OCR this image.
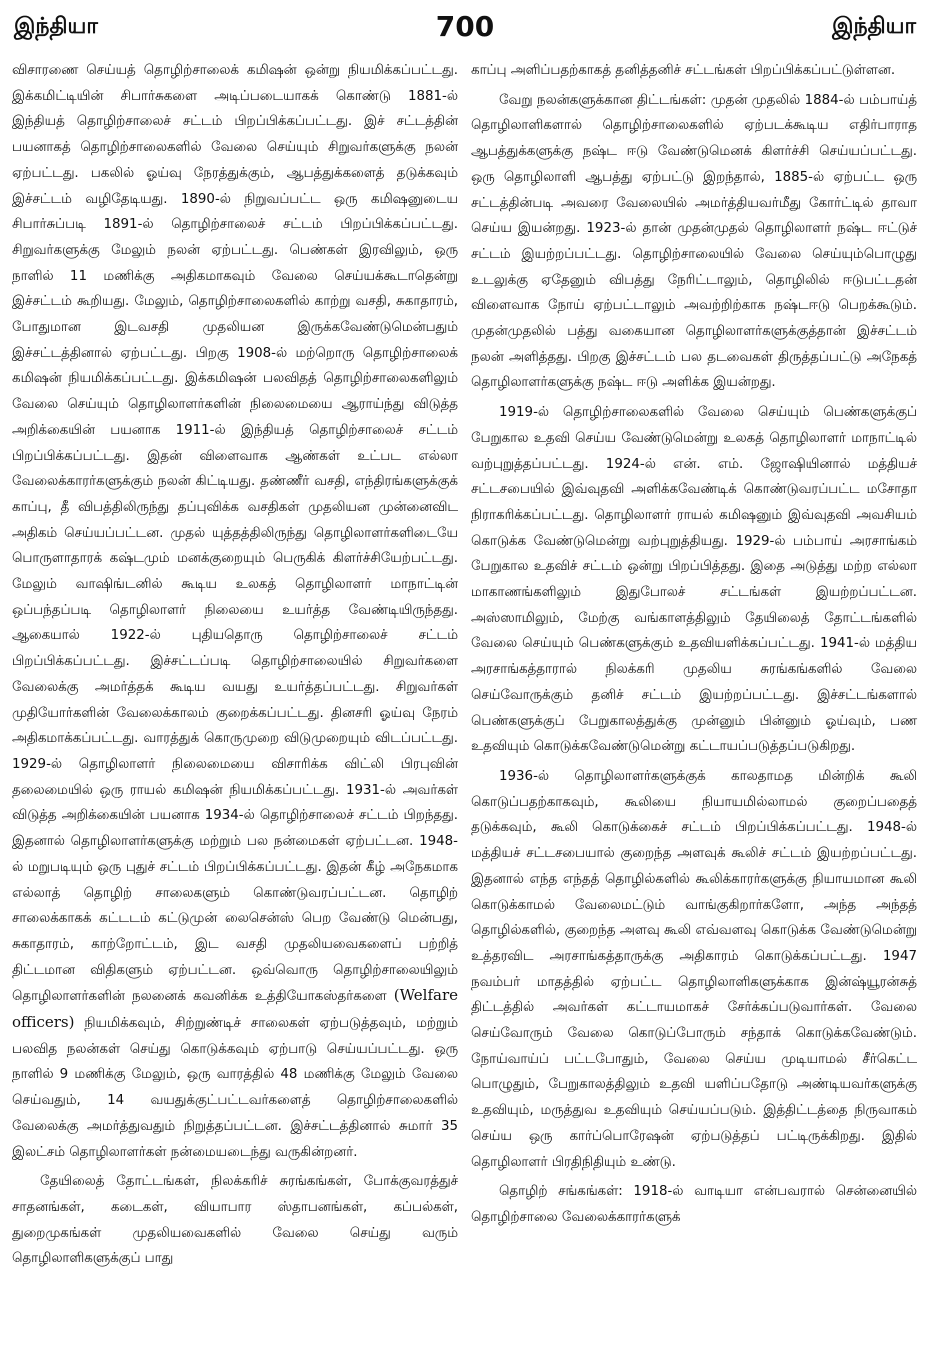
இந்தியா	700	இந்தியா

விசாரணை செய்யத் தொழிற்சாலைக் கமிஷன் ஒன்று நியமிக்கப்பட்டது. இக்கமிட்டியின் சிபார்சுகளை அடிப்படையாகக் கொண்டு 1881-ல் இந்தியத் தொழிற்சாலைச் சட்டம் பிறப்பிக்கப்பட்டது. இச் சட்டத்தின் பயனாகத் தொழிற்சாலைகளில் வேலை செய்யும் சிறுவர்களுக்கு நலன் ஏற்பட்டது. பகலில் ஓய்வு நேரத்துக்கும், ஆபத்துக்களைத் தடுக்கவும் இச்சட்டம் வழிதேடியது. 1890-ல் நிறுவப்பட்ட ஒரு கமிஷனுடைய சிபார்சுப்படி 1891-ல் தொழிற்சாலைச் சட்டம் பிறப்பிக்கப்பட்டது. சிறுவர்களுக்கு மேலும் நலன் ஏற்பட்டது. பெண்கள் இரவிலும், ஒரு நாளில் 11 மணிக்கு அதிகமாகவும் வேலை செய்யக்கூடாதென்று இச்சட்டம் கூறியது. மேலும், தொழிற்சாலைகளில் காற்று வசதி, சுகாதாரம், போதுமான இடவசதி முதலியன இருக்கவேண்டுமென்பதும் இச்சட்டத்தினால் ஏற்பட்டது. பிறகு 1908-ல் மற்றொரு தொழிற்சாலைக் கமிஷன் நியமிக்கப்பட்டது. இக்கமிஷன் பலவிதத் தொழிற்சாலைகளிலும் வேலை செய்யும் தொழிலாளர்களின் நிலைமையை ஆராய்ந்து விடுத்த அறிக்கையின் பயனாக 1911-ல் இந்தியத் தொழிற்சாலைச் சட்டம் பிறப்பிக்கப்பட்டது. இதன் விளைவாக ஆண்கள் உட்பட எல்லா வேலைக்காரர்களுக்கும் நலன் கிட்டியது. தண்ணீர் வசதி, எந்திரங்களுக்குக் காப்பு, தீ விபத்திலிருந்து தப்புவிக்க வசதிகள் முதலியன முன்னைவிட அதிகம் செய்யப்பட்டன. முதல் யுத்தத்திலிருந்து தொழிலாளர்களிடையே பொருளாதாரக் கஷ்டமும் மனக்குறையும் பெருகிக் கிளர்ச்சியேற்பட்டது. மேலும் வாஷிங்டனில் கூடிய உலகத் தொழிலாளர் மாநாட்டின் ஒப்பந்தப்படி தொழிலாளர் நிலையை உயர்த்த வேண்டியிருந்தது. ஆகையால் 1922-ல் புதியதொரு தொழிற்சாலைச் சட்டம் பிறப்பிக்கப்பட்டது. இச்சட்டப்படி தொழிற்சாலையில் சிறுவர்களை வேலைக்கு அமர்த்தக் கூடிய வயது உயர்த்தப்பட்டது. சிறுவர்கள் முதியோர்களின் வேலைக்காலம் குறைக்கப்பட்டது. தினசரி ஓய்வு நேரம் அதிகமாக்கப்பட்டது. வாரத்துக் கொருமுறை விடுமுறையும் விடப்பட்டது. 1929-ல் தொழிலாளர் நிலைமையை விசாரிக்க விட்லி பிரபுவின் தலைமையில் ஒரு ராயல் கமிஷன் நியமிக்கப்பட்டது. 1931-ல் அவர்கள் விடுத்த அறிக்கையின் பயனாக 1934-ல் தொழிற்சாலைச் சட்டம் பிறந்தது. இதனால் தொழிலாளர்களுக்கு மற்றும் பல நன்மைகள் ஏற்பட்டன. 1948-ல் மறுபடியும் ஒரு புதுச் சட்டம் பிறப்பிக்கப்பட்டது. இதன் கீழ் அநேகமாக எல்லாத் தொழிற் சாலைகளும் கொண்டுவரப்பட்டன. தொழிற் சாலைக்காகக் கட்டடம் கட்டுமுன் லைசென்ஸ் பெற வேண்டு மென்பது, சுகாதாரம், காற்றோட்டம், இட வசதி முதலியவைகளைப் பற்றித் திட்டமான விதிகளும் ஏற்பட்டன. ஒவ்வொரு தொழிற்சாலையிலும் தொழிலாளர்களின் நலனைக் கவனிக்க உத்தியோகஸ்தர்களை (Welfare officers) நியமிக்கவும், சிற்றுண்டிச் சாலைகள் ஏற்படுத்தவும், மற்றும் பலவித நலன்கள் செய்து கொடுக்கவும் ஏற்பாடு செய்யப்பட்டது. ஒரு நாளில் 9 மணிக்கு மேலும், ஒரு வாரத்தில் 48 மணிக்கு மேலும் வேலை செய்வதும், 14 வயதுக்குட்பட்டவர்களைத் தொழிற்சாலைகளில் வேலைக்கு அமர்த்துவதும் நிறுத்தப்பட்டன. இச்சட்டத்தினால் சுமார் 35 இலட்சம் தொழிலாளர்கள் நன்மையடைந்து வருகின்றனர்.

தேயிலைத் தோட்டங்கள், நிலக்கரிச் சுரங்கங்கள், போக்குவரத்துச் சாதனங்கள், கடைகள், வியாபார ஸ்தாபனங்கள், கப்பல்கள், துறைமுகங்கள் முதலியவைகளில் வேலை செய்து வரும் தொழிலாளிகளுக்குப் பாது

காப்பு அளிப்பதற்காகத் தனித்தனிச் சட்டங்கள் பிறப்பிக்கப்பட்டுள்ளன.

வேறு நலன்களுக்கான திட்டங்கள்: முதன் முதலில் 1884-ல் பம்பாய்த் தொழிலாளிகளால் தொழிற்சாலைகளில் ஏற்படக்கூடிய எதிர்பாராத ஆபத்துக்களுக்கு நஷ்ட ஈடு வேண்டுமெனக் கிளர்ச்சி செய்யப்பட்டது. ஒரு தொழிலாளி ஆபத்து ஏற்பட்டு இறந்தால், 1885-ல் ஏற்பட்ட ஒரு சட்டத்தின்படி அவரை வேலையில் அமர்த்தியவர்மீது கோர்ட்டில் தாவா செய்ய இயன்றது. 1923-ல் தான் முதன்முதல் தொழிலாளர் நஷ்ட ஈட்டுச் சட்டம் இயற்றப்பட்டது. தொழிற்சாலையில் வேலை செய்யும்பொழுது உடலுக்கு ஏதேனும் விபத்து நேரிட்டாலும், தொழிலில் ஈடுபட்டதன் விளைவாக நோய் ஏற்பட்டாலும் அவற்றிற்காக நஷ்டஈடு பெறக்கூடும். முதன்முதலில் பத்து வகையான தொழிலாளர்களுக்குத்தான் இச்சட்டம் நலன் அளித்தது. பிறகு இச்சட்டம் பல தடவைகள் திருத்தப்பட்டு அநேகத் தொழிலாளர்களுக்கு நஷ்ட ஈடு அளிக்க இயன்றது.

1919-ல் தொழிற்சாலைகளில் வேலை செய்யும் பெண்களுக்குப் பேறுகால உதவி செய்ய வேண்டுமென்று உலகத் தொழிலாளர் மாநாட்டில் வற்புறுத்தப்பட்டது. 1924-ல் என். எம். ஜோஷியினால் மத்தியச் சட்டசபையில் இவ்வுதவி அளிக்கவேண்டிக் கொண்டுவரப்பட்ட மசோதா நிராகரிக்கப்பட்டது. தொழிலாளர் ராயல் கமிஷனும் இவ்வுதவி அவசியம் கொடுக்க வேண்டுமென்று வற்புறுத்தியது. 1929-ல் பம்பாய் அரசாங்கம் பேறுகால உதவிச் சட்டம் ஒன்று பிறப்பித்தது. இதை அடுத்து மற்ற எல்லா மாகாணங்களிலும் இதுபோலச் சட்டங்கள் இயற்றப்பட்டன. அஸ்ஸாமிலும், மேற்கு வங்காளத்திலும் தேயிலைத் தோட்டங்களில் வேலை செய்யும் பெண்களுக்கும் உதவியளிக்கப்பட்டது. 1941-ல் மத்திய அரசாங்கத்தாரால் நிலக்கரி முதலிய சுரங்கங்களில் வேலை செய்வோருக்கும் தனிச் சட்டம் இயற்றப்பட்டது. இச்சட்டங்களால் பெண்களுக்குப் பேறுகாலத்துக்கு முன்னும் பின்னும் ஓய்வும், பண உதவியும் கொடுக்கவேண்டுமென்று கட்டாயப்படுத்தப்படுகிறது.

1936-ல் தொழிலாளர்களுக்குக் காலதாமத மின்றிக் கூலி கொடுப்பதற்காகவும், கூலியை நியாயமில்லாமல் குறைப்பதைத் தடுக்கவும், கூலி கொடுக்கைச் சட்டம் பிறப்பிக்கப்பட்டது. 1948-ல் மத்தியச் சட்டசபையால் குறைந்த அளவுக் கூலிச் சட்டம் இயற்றப்பட்டது. இதனால் எந்த எந்தத் தொழில்களில் கூலிக்காரர்களுக்கு நியாயமான கூலி கொடுக்காமல் வேலைமட்டும் வாங்குகிறார்களோ, அந்த அந்தத் தொழில்களில், குறைந்த அளவு கூலி எவ்வளவு கொடுக்க வேண்டுமென்று உத்தரவிட அரசாங்கத்தாருக்கு அதிகாரம் கொடுக்கப்பட்டது. 1947 நவம்பர் மாதத்தில் ஏற்பட்ட தொழிலாளிகளுக்காக இன்ஷ்யூரன்சுத் திட்டத்தில் அவர்கள் கட்டாயமாகச் சேர்க்கப்படுவார்கள். வேலை செய்வோரும் வேலை கொடுப்போரும் சந்தாக் கொடுக்கவேண்டும். நோய்வாய்ப் பட்டபோதும், வேலை செய்ய முடியாமல் சீர்கெட்ட பொழுதும், பேறுகாலத்திலும் உதவி யளிப்பதோடு அண்டியவர்களுக்கு உதவியும், மருத்துவ உதவியும் செய்யப்படும். இத்திட்டத்தை நிருவாகம் செய்ய ஒரு கார்ப்பொரேஷன் ஏற்படுத்தப் பட்டிருக்கிறது. இதில் தொழிலாளர் பிரதிநிதியும் உண்டு.

தொழிற் சங்கங்கள்: 1918-ல் வாடியா என்பவரால் சென்னையில் தொழிற்சாலை வேலைக்காரர்களுக்
